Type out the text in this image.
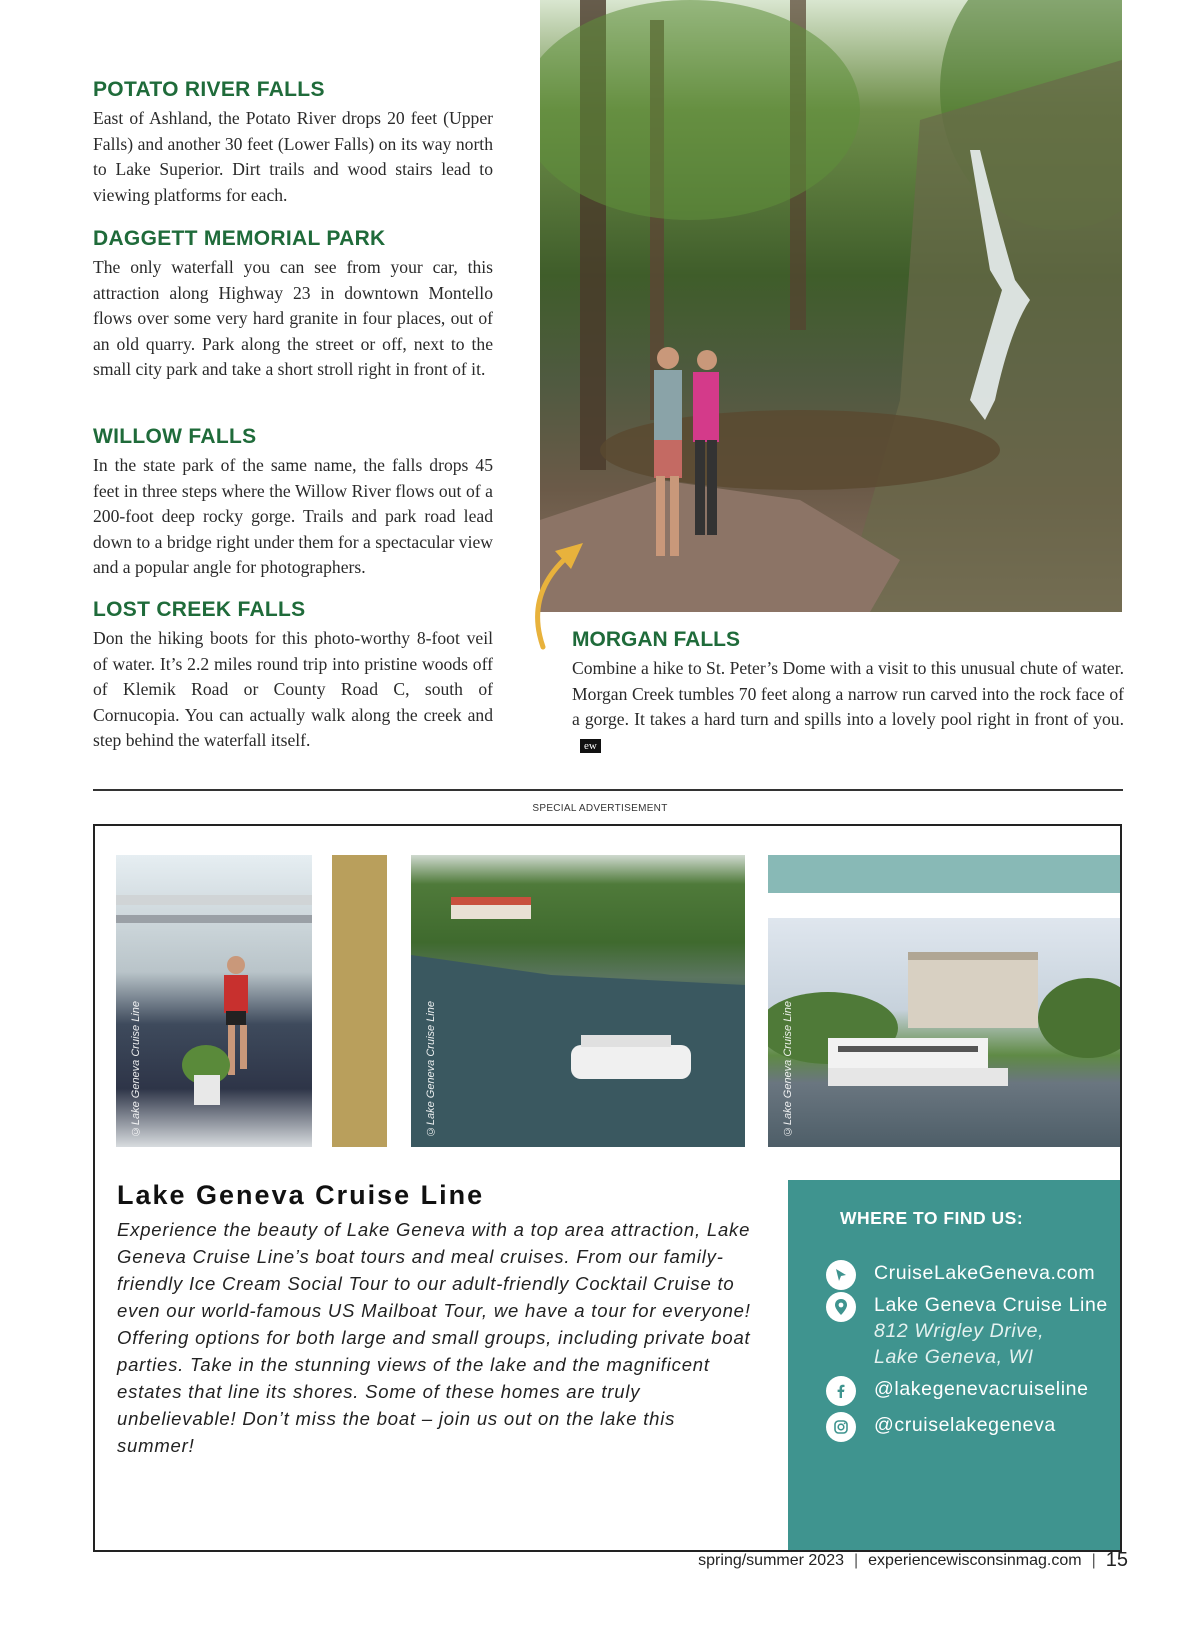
POTATO RIVER FALLS

East of Ashland, the Potato River drops 20 feet (Upper Falls) and another 30 feet (Lower Falls) on its way north to Lake Superior. Dirt trails and wood stairs lead to viewing platforms for each.

DAGGETT MEMORIAL PARK

The only waterfall you can see from your car, this attraction along Highway 23 in downtown Montello flows over some very hard granite in four places, out of an old quarry. Park along the street or off, next to the small city park and take a short stroll right in front of it.

WILLOW FALLS

In the state park of the same name, the falls drops 45 feet in three steps where the Willow River flows out of a 200-foot deep rocky gorge. Trails and park road lead down to a bridge right under them for a spectacular view and a popular angle for photographers.

LOST CREEK FALLS

Don the hiking boots for this photo-worthy 8-foot veil of water. It’s 2.2 miles round trip into pristine woods off of Klemik Road or County Road C, south of Cornucopia. You can actually walk along the creek and step behind the waterfall itself.

MORGAN FALLS

Combine a hike to St. Peter’s Dome with a visit to this unusual chute of water. Morgan Creek tumbles 70 feet along a narrow run carved into the rock face of a gorge. It takes a hard turn and spills into a lovely pool right in front of you.ew

SPECIAL ADVERTISEMENT
©Lake Geneva Cruise Line	©Lake Geneva Cruise Line	©Lake Geneva Cruise Line
Lake Geneva Cruise Line
Experience the beauty of Lake Geneva with a top area attraction, Lake Geneva Cruise Line’s boat tours and meal cruises. From our family-friendly Ice Cream Social Tour to our adult-friendly Cocktail Cruise to even our world-famous US Mailboat Tour, we have a tour for everyone! Offering options for both large and small groups, including private boat parties. Take in the stunning views of the lake and the magnificent estates that line its shores. Some of these homes are truly unbelievable! Don’t miss the boat – join us out on the lake this summer!
WHERE TO FIND US:
CruiseLakeGeneva.com
Lake Geneva Cruise Line
812 Wrigley Drive,
Lake Geneva, WI
@lakegenevacruiseline
@cruiselakegeneva
spring/summer 2023 | experiencewisconsinmag.com | 15
